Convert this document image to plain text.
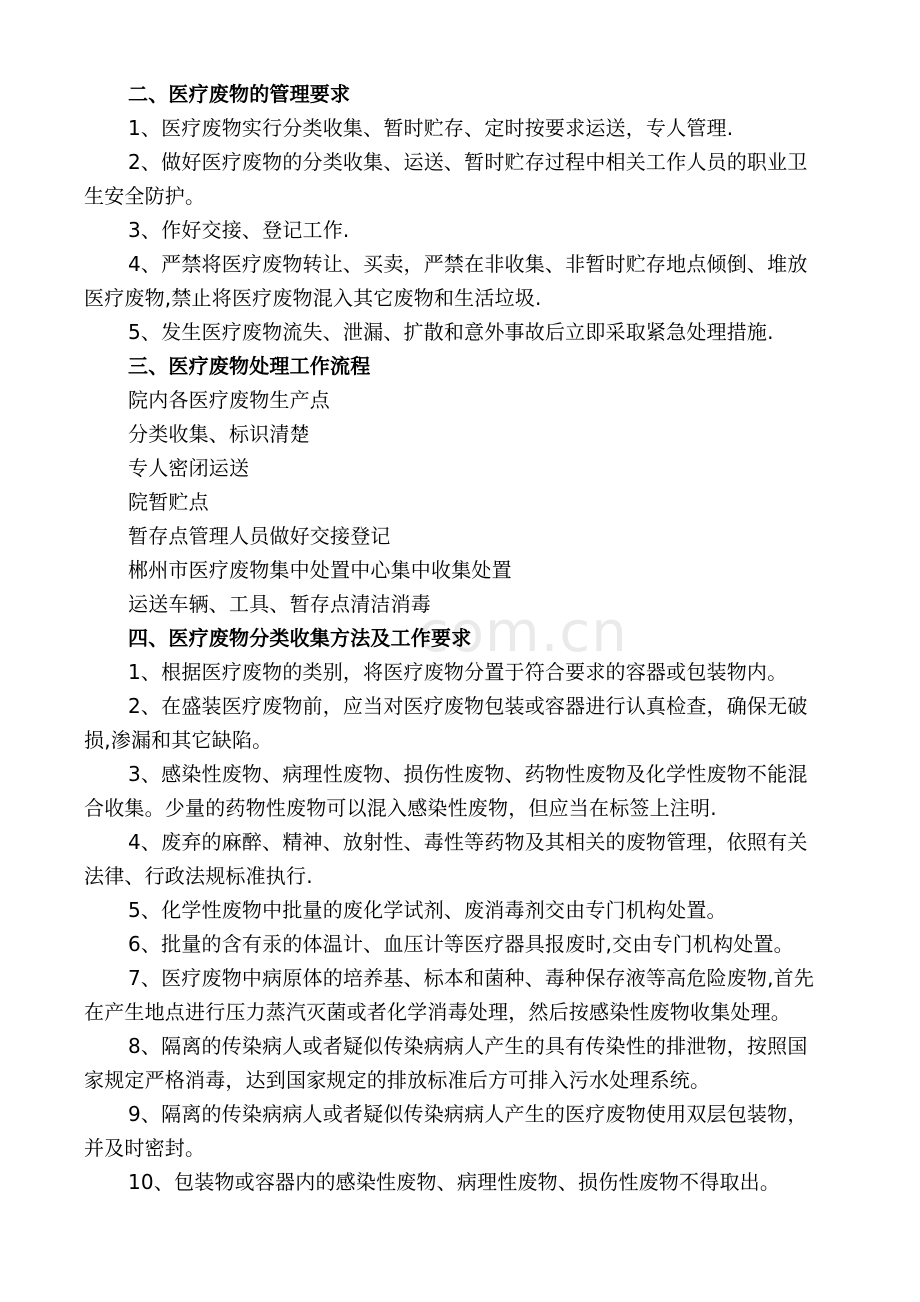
二、医疗废物的管理要求
1、医疗废物实行分类收集、暂时贮存、定时按要求运送，专人管理.
2、做好医疗废物的分类收集、运送、暂时贮存过程中相关工作人员的职业卫
生安全防护。
3、作好交接、登记工作.
4、严禁将医疗废物转让、买卖，严禁在非收集、非暂时贮存地点倾倒、堆放
医疗废物,禁止将医疗废物混入其它废物和生活垃圾.
5、发生医疗废物流失、泄漏、扩散和意外事故后立即采取紧急处理措施.
三、医疗废物处理工作流程
院内各医疗废物生产点
分类收集、标识清楚
专人密闭运送
院暂贮点
暂存点管理人员做好交接登记
郴州市医疗废物集中处置中心集中收集处置
运送车辆、工具、暂存点清洁消毒
四、医疗废物分类收集方法及工作要求
1、根据医疗废物的类别，将医疗废物分置于符合要求的容器或包装物内。
2、在盛装医疗废物前，应当对医疗废物包装或容器进行认真检查，确保无破
损,渗漏和其它缺陷。
3、感染性废物、病理性废物、损伤性废物、药物性废物及化学性废物不能混
合收集。少量的药物性废物可以混入感染性废物，但应当在标签上注明.
4、废弃的麻醉、精神、放射性、毒性等药物及其相关的废物管理，依照有关
法律、行政法规标准执行.
5、化学性废物中批量的废化学试剂、废消毒剂交由专门机构处置。
6、批量的含有汞的体温计、血压计等医疗器具报废时,交由专门机构处置。
7、医疗废物中病原体的培养基、标本和菌种、毒种保存液等高危险废物,首先
在产生地点进行压力蒸汽灭菌或者化学消毒处理，然后按感染性废物收集处理。
8、隔离的传染病人或者疑似传染病病人产生的具有传染性的排泄物，按照国
家规定严格消毒，达到国家规定的排放标准后方可排入污水处理系统。
9、隔离的传染病病人或者疑似传染病病人产生的医疗废物使用双层包装物，
并及时密封。
10、包装物或容器内的感染性废物、病理性废物、损伤性废物不得取出。
com.cn
